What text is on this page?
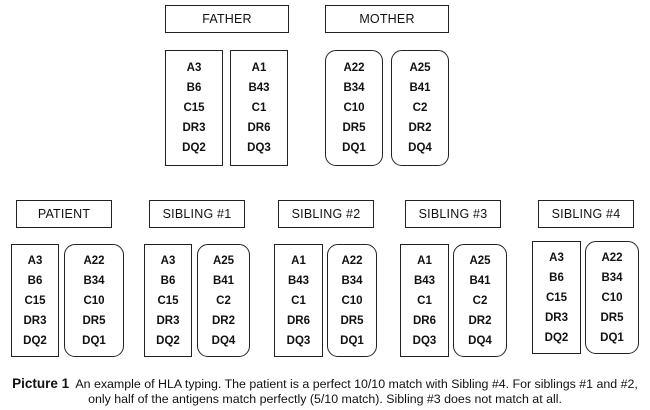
FATHER
A3
B6
C15
DR3
DQ2
A1
B43
C1
DR6
DQ3
MOTHER
A22
B34
C10
DR5
DQ1
A25
B41
C2
DR2
DQ4
PATIENT
A3
B6
C15
DR3
DQ2
A22
B34
C10
DR5
DQ1
SIBLING #1
A3
B6
C15
DR3
DQ2
A25
B41
C2
DR2
DQ4
SIBLING #2
A1
B43
C1
DR6
DQ3
A22
B34
C10
DR5
DQ1
SIBLING #3
A1
B43
C1
DR6
DQ3
A25
B41
C2
DR2
DQ4
SIBLING #4
A3
B6
C15
DR3
DQ2
A22
B34
C10
DR5
DQ1
Picture 1 An example of HLA typing. The patient is a perfect 10/10 match with Sibling #4. For siblings #1 and #2, only half of the antigens match perfectly (5/10 match). Sibling #3 does not match at all.
